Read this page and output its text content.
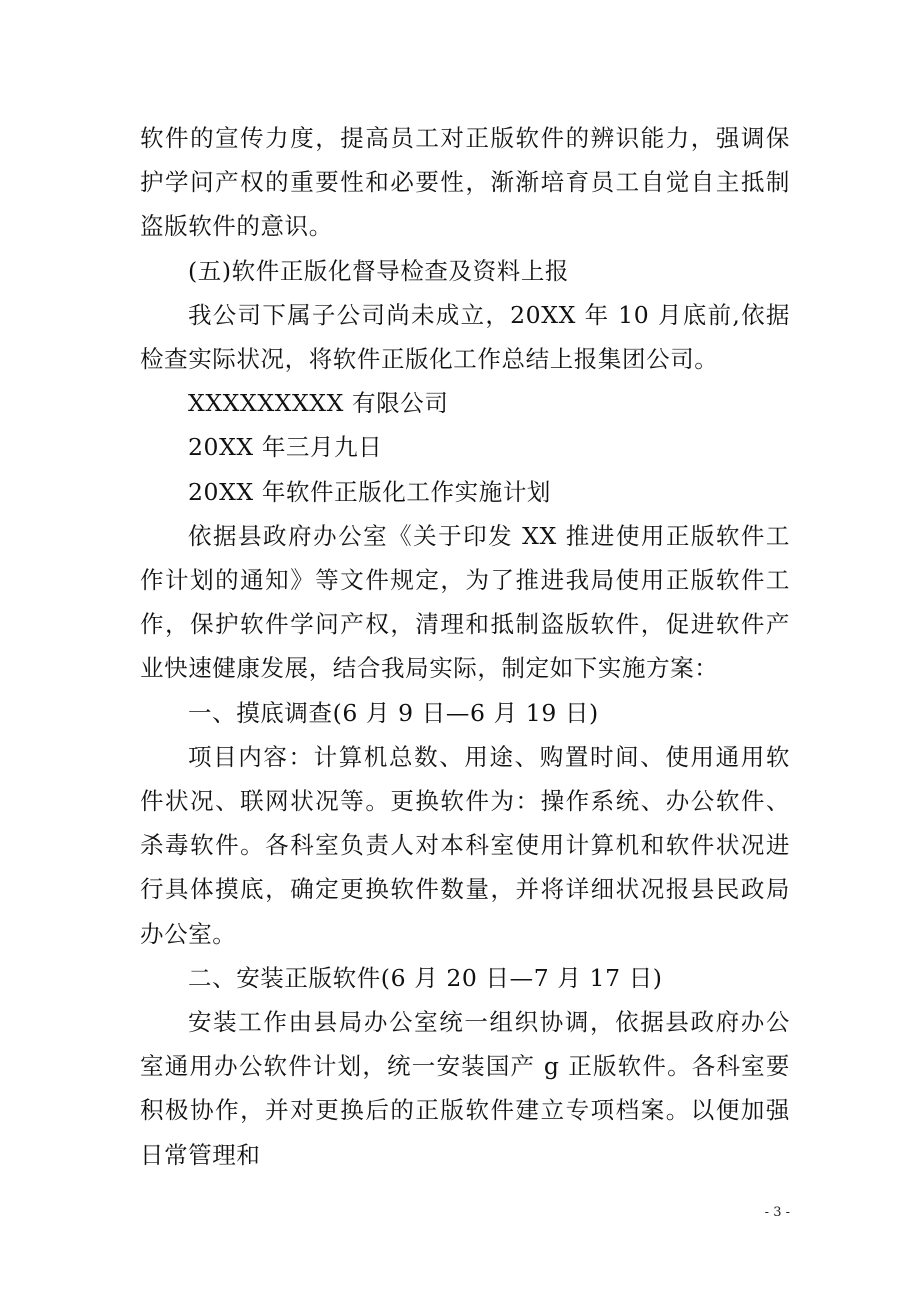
软件的宣传力度，提高员工对正版软件的辨识能力，强调保护学问产权的重要性和必要性，渐渐培育员工自觉自主抵制盗版软件的意识。

(五)软件正版化督导检查及资料上报

我公司下属子公司尚未成立，20XX 年 10 月底前,依据检查实际状况，将软件正版化工作总结上报集团公司。

XXXXXXXXX 有限公司

20XX 年三月九日

20XX 年软件正版化工作实施计划

依据县政府办公室《关于印发 XX 推进使用正版软件工作计划的通知》等文件规定，为了推进我局使用正版软件工作，保护软件学问产权，清理和抵制盗版软件，促进软件产业快速健康发展，结合我局实际，制定如下实施方案：

一、摸底调查(6 月 9 日—6 月 19 日)

项目内容：计算机总数、用途、购置时间、使用通用软件状况、联网状况等。更换软件为：操作系统、办公软件、杀毒软件。各科室负责人对本科室使用计算机和软件状况进行具体摸底，确定更换软件数量，并将详细状况报县民政局办公室。

二、安装正版软件(6 月 20 日—7 月 17 日)

安装工作由县局办公室统一组织协调，依据县政府办公室通用办公软件计划，统一安装国产 g 正版软件。各科室要积极协作，并对更换后的正版软件建立专项档案。以便加强日常管理和

- 3 -
